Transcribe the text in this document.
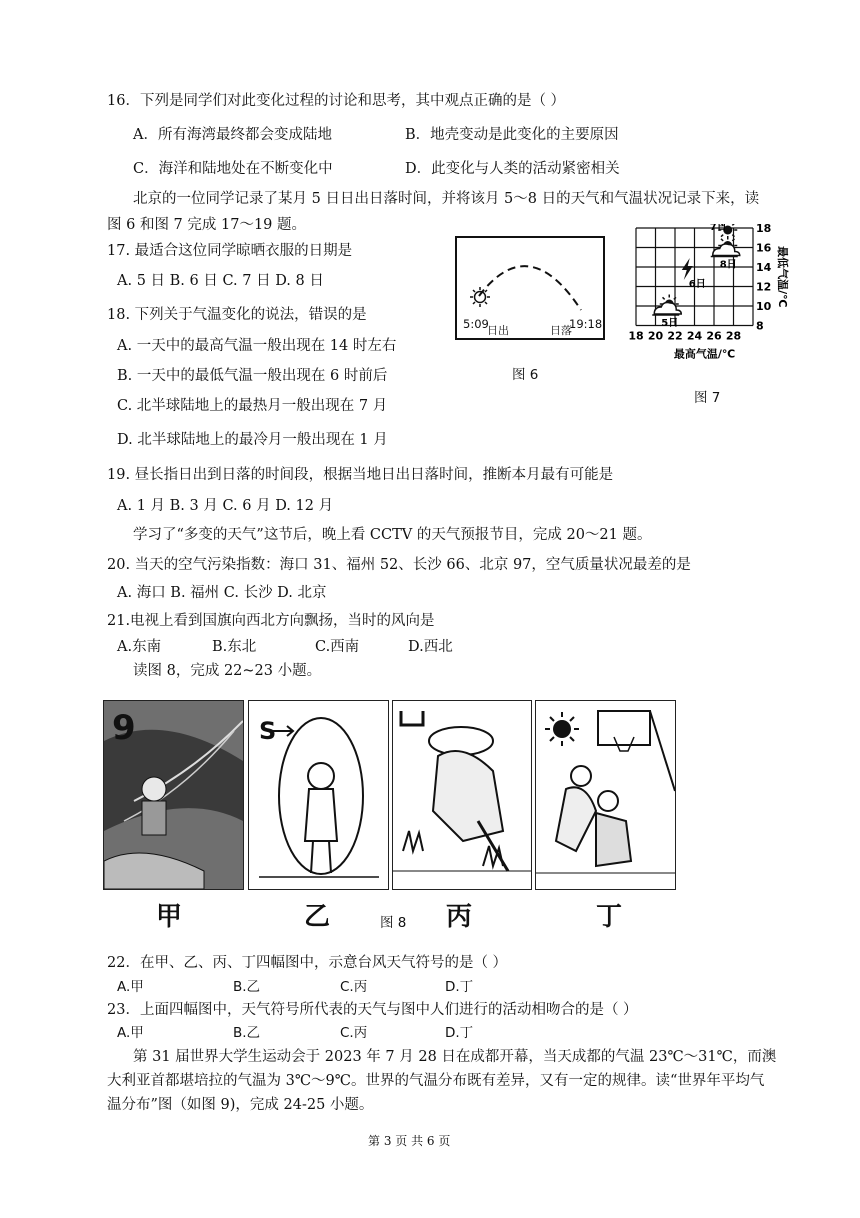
16．下列是同学们对此变化过程的讨论和思考，其中观点正确的是（ ）
A．所有海湾最终都会变成陆地	B．地壳变动是此变化的主要原因
C．海洋和陆地处在不断变化中	D．此变化与人类的活动紧密相关
北京的一位同学记录了某月 5 日日出日落时间，并将该月 5～8 日的天气和气温状况记录下来，读
图 6 和图 7 完成 17～19 题。
17. 最适合这位同学晾晒衣服的日期是
A. 5 日 B. 6 日 C. 7 日 D. 8 日
18. 下列关于气温变化的说法，错误的是
A. 一天中的最高气温一般出现在 14 时左右
B. 一天中的最低气温一般出现在 6 时前后
C. 北半球陆地上的最热月一般出现在 7 月
D. 北半球陆地上的最冷月一般出现在 1 月
5:09
日出	日落
19:18
图 6
18 20 22 24 26 28
18
16
14
12
10
8
最高气温/℃
最低气温/℃
5日
6日
7日
8日
图 7
19. 昼长指日出到日落的时间段，根据当地日出日落时间，推断本月最有可能是
A. 1 月 B. 3 月 C. 6 月 D. 12 月
学习了“多变的天气”这节后，晚上看 CCTV 的天气预报节目，完成 20～21 题。
20. 当天的空气污染指数：海口 31、福州 52、长沙 66、北京 97，空气质量状况最差的是
A. 海口 B. 福州 C. 长沙 D. 北京
21.电视上看到国旗向西北方向飘扬，当时的风向是
A.东南	B.东北	C.西南	D.西北
读图 8，完成 22~23 小题。
9	S
甲	乙	丙	丁
图 8
22．在甲、乙、丙、丁四幅图中，示意台风天气符号的是（ ）
A.甲	B.乙	C.丙	D.丁
23．上面四幅图中，天气符号所代表的天气与图中人们进行的活动相吻合的是（ ）
A.甲	B.乙	C.丙	D.丁
第 31 届世界大学生运动会于 2023 年 7 月 28 日在成都开幕，当天成都的气温 23℃～31℃，而澳
大利亚首都堪培拉的气温为 3℃～9℃。世界的气温分布既有差异，又有一定的规律。读“世界年平均气
温分布”图（如图 9)，完成 24-25 小题。
第 3 页 共 6 页
